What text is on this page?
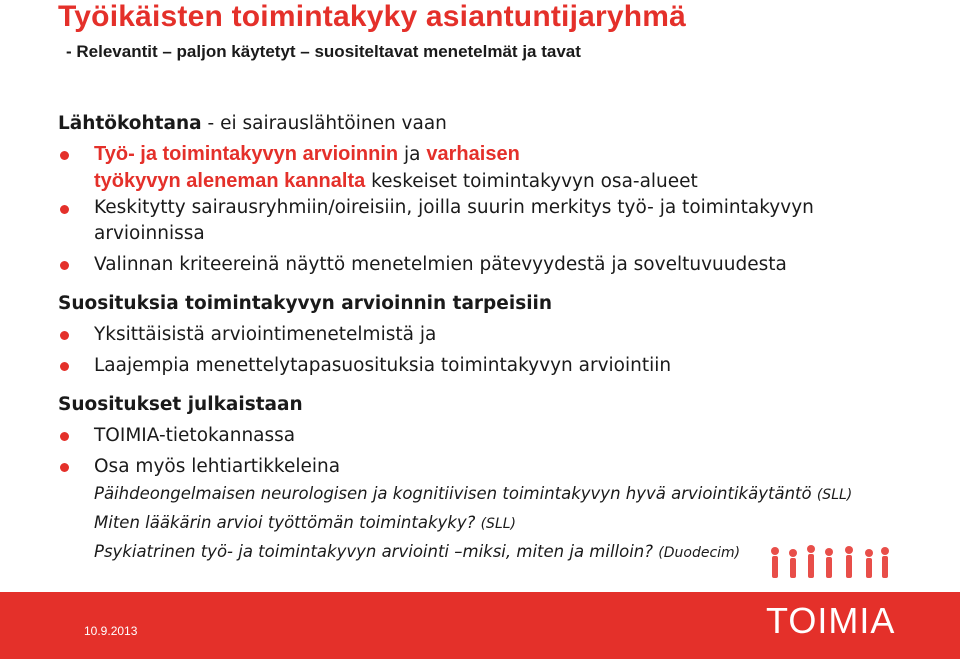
Työikäisten toimintakyky asiantuntijaryhmä
- Relevantit – paljon käytetyt – suositeltavat menetelmät ja tavat
Lähtökohtana - ei sairauslähtöinen vaan
Työ- ja toimintakyvyn arvioinnin ja varhaisen
työkyvyn aleneman kannalta keskeiset toimintakyvyn osa-alueet
Keskitytty sairausryhmiin/oireisiin, joilla suurin merkitys työ- ja toimintakyvyn
arvioinnissa
Valinnan kriteereinä näyttö menetelmien pätevyydestä ja soveltuvuudesta
Suosituksia toimintakyvyn arvioinnin tarpeisiin
Yksittäisistä arviointimenetelmistä ja
Laajempia menettelytapasuosituksia toimintakyvyn arviointiin
Suositukset julkaistaan
TOIMIA-tietokannassa
Osa myös lehtiartikkeleina
Päihdeongelmaisen neurologisen ja kognitiivisen toimintakyvyn hyvä arviointikäytäntö (SLL)
Miten lääkärin arvioi työttömän toimintakyky? (SLL)
Psykiatrinen työ- ja toimintakyvyn arviointi –miksi, miten ja milloin? (Duodecim)
10.9.2013	TOIMIA
